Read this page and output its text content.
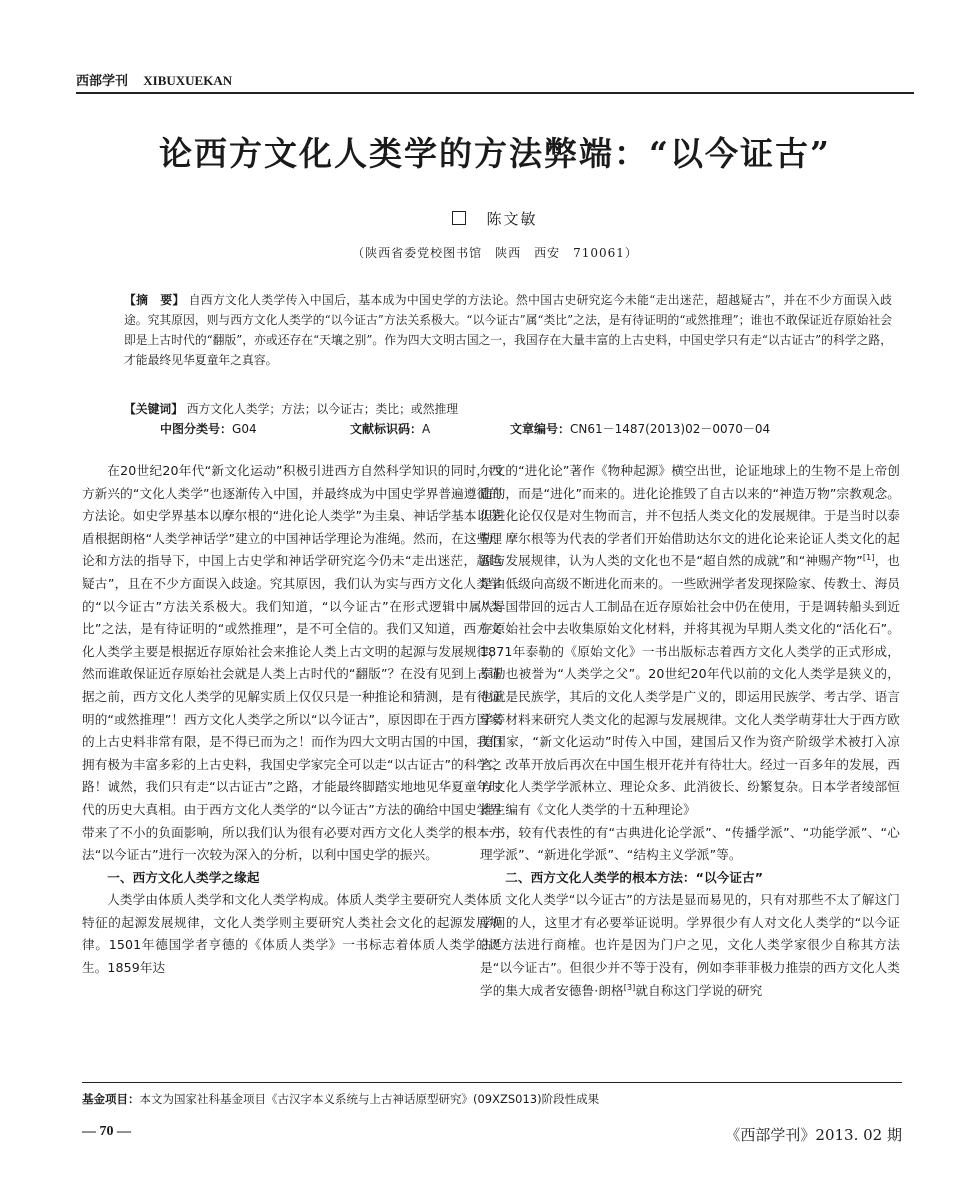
西部学刊 XIBUXUEKAN
论西方文化人类学的方法弊端：“以今证古”
陈文敏
（陕西省委党校图书馆　陕西　西安　710061）
【摘　要】 自西方文化人类学传入中国后，基本成为中国史学的方法论。然中国古史研究迄今未能“走出迷茫，超越疑古”，并在不少方面误入歧途。究其原因，则与西方文化人类学的“以今证古”方法关系极大。“以今证古”属“类比”之法，是有待证明的“或然推理”；谁也不敢保证近存原始社会即是上古时代的“翻版”，亦或还存在“天壤之别”。作为四大文明古国之一，我国存在大量丰富的上古史料，中国史学只有走“以古证古”的科学之路，才能最终见华夏童年之真容。
【关键词】 西方文化人类学；方法；以今证古；类比；或然推理
中图分类号：G04	文献标识码：A	文章编号：CN61－1487(2013)02－0070－04

在20世纪20年代“新文化运动”积极引进西方自然科学知识的同时，西方新兴的“文化人类学”也逐渐传入中国，并最终成为中国史学界普遍遵循的方法论。如史学界基本以摩尔根的“进化论人类学”为圭臬、神话学基本以茅盾根据朗格“人类学神话学”建立的中国神话学理论为准绳。然而，在这些理论和方法的指导下，中国上古史学和神话学研究迄今仍未“走出迷茫，超越疑古”，且在不少方面误入歧途。究其原因，我们认为实与西方文化人类学的“以今证古”方法关系极大。我们知道，“以今证古”在形式逻辑中属“类比”之法，是有待证明的“或然推理”，是不可全信的。我们又知道，西方文化人类学主要是根据近存原始社会来推论人类上古文明的起源与发展规律，然而谁敢保证近存原始社会就是人类上古时代的“翻版”？在没有见到上古证据之前，西方文化人类学的见解实质上仅仅只是一种推论和猜测，是有待证明的“或然推理”！西方文化人类学之所以“以今证古”，原因即在于西方国家的上古史料非常有限，是不得已而为之！而作为四大文明古国的中国，我们拥有极为丰富多彩的上古史料，我国史学家完全可以走“以古证古”的科学之路！诚然，我们只有走“以古证古”之路，才能最终脚踏实地地见华夏童年时代的历史大真相。由于西方文化人类学的“以今证古”方法的确给中国史学界带来了不小的负面影响，所以我们认为很有必要对西方文化人类学的根本方法“以今证古”进行一次较为深入的分析，以利中国史学的振兴。

一、西方文化人类学之缘起

人类学由体质人类学和文化人类学构成。体质人类学主要研究人类体质特征的起源发展规律，文化人类学则主要研究人类社会文化的起源发展规律。1501年德国学者亨德的《体质人类学》一书标志着体质人类学的诞生。1859年达

尔文的“进化论”著作《物种起源》横空出世，论证地球上的生物不是上帝创造的，而是“进化”而来的。进化论推毁了自古以来的“神造万物”宗教观念。但进化论仅仅是对生物而言，并不包括人类文化的发展规律。于是当时以泰勒、摩尔根等为代表的学者们开始借助达尔文的进化论来论证人类文化的起源与发展规律，认为人类的文化也不是“超自然的成就”和“神赐产物”[1]，也是由低级向高级不断进化而来的。一些欧洲学者发现探险家、传教士、海员从异国带回的远古人工制品在近存原始社会中仍在使用，于是调转船头到近存原始社会中去收集原始文化材料，并将其视为早期人类文化的“活化石”。1871年泰勒的《原始文化》一书出版标志着西方文化人类学的正式形成，泰勒也被誉为“人类学之父”。20世纪20年代以前的文化人类学是狭义的，也就是民族学，其后的文化人类学是广义的，即运用民族学、考古学、语言学等材料来研究人类文化的起源与发展规律。文化人类学萌芽壮大于西方欧美国家，“新文化运动”时传入中国，建国后又作为资产阶级学术被打入凉宫，改革开放后再次在中国生根开花并有待壮大。经过一百多年的发展，西方文化人类学学派林立、理论众多、此消彼长、纷繁复杂。日本学者绫部恒雄主编有《文化人类学的十五种理论》

一书，较有代表性的有“古典进化论学派”、“传播学派”、“功能学派”、“心理学派”、“新进化学派”、“结构主义学派”等。

二、西方文化人类学的根本方法：“以今证古”

文化人类学“以今证古”的方法是显而易见的，只有对那些不太了解这门学问的人，这里才有必要举证说明。学界很少有人对文化人类学的“以今证古”方法进行商榷。也许是因为门户之见，文化人类学家很少自称其方法是“以今证古”。但很少并不等于没有，例如李菲菲极力推崇的西方文化人类学的集大成者安德鲁·朗格[3]就自称这门学说的研究

基金项目：本文为国家社科基金项目《古汉字本义系统与上古神话原型研究》(09XZS013)阶段性成果
— 70 —	《西部学刊》2013. 02 期
